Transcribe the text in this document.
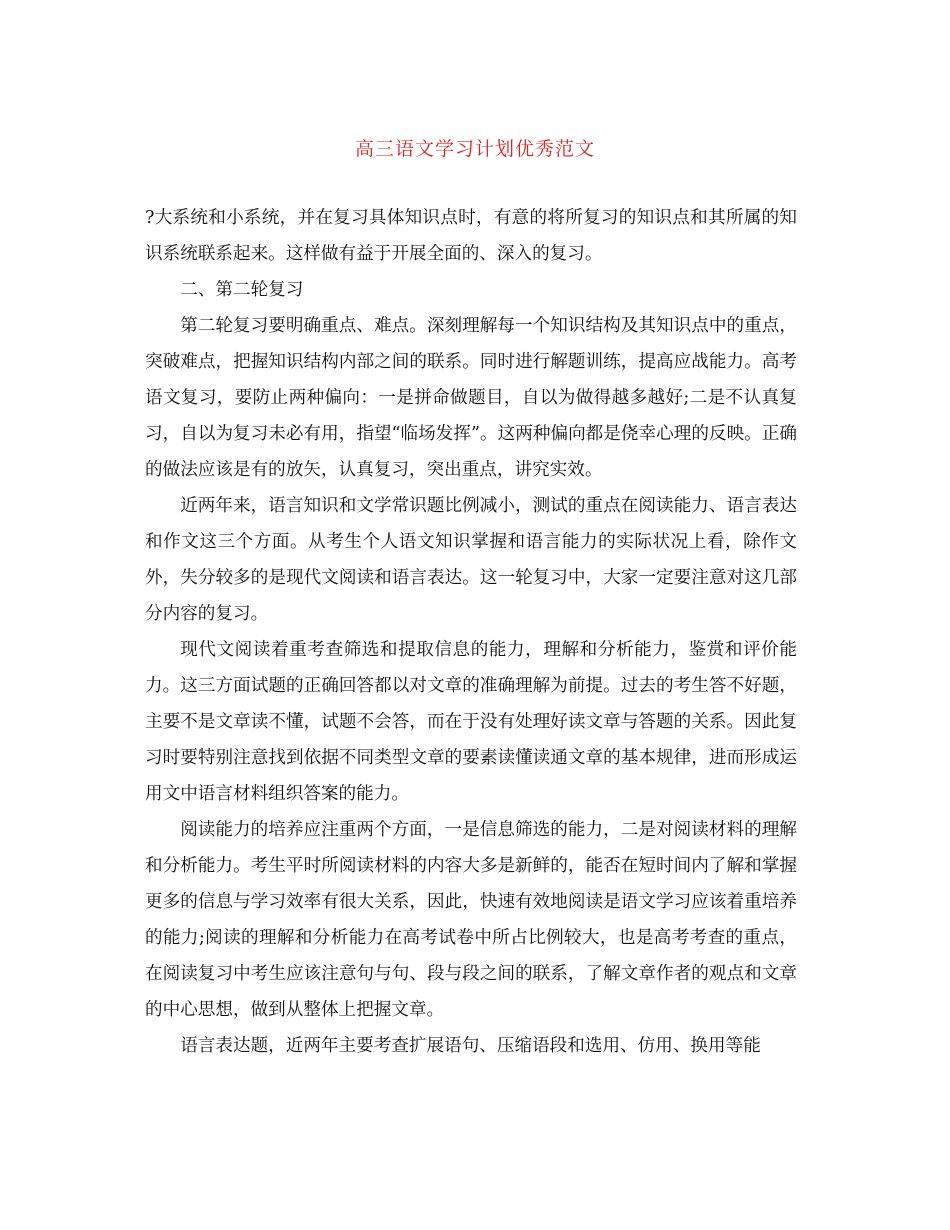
高三语文学习计划优秀范文

?大系统和小系统，并在复习具体知识点时，有意的将所复习的知识点和其所属的知识系统联系起来。这样做有益于开展全面的、深入的复习。

二、第二轮复习

第二轮复习要明确重点、难点。深刻理解每一个知识结构及其知识点中的重点，突破难点，把握知识结构内部之间的联系。同时进行解题训练，提高应战能力。高考语文复习，要防止两种偏向：一是拼命做题目，自以为做得越多越好;二是不认真复习，自以为复习未必有用，指望“临场发挥”。这两种偏向都是侥幸心理的反映。正确的做法应该是有的放矢，认真复习，突出重点，讲究实效。

近两年来，语言知识和文学常识题比例减小，测试的重点在阅读能力、语言表达和作文这三个方面。从考生个人语文知识掌握和语言能力的实际状况上看，除作文外，失分较多的是现代文阅读和语言表达。这一轮复习中，大家一定要注意对这几部分内容的复习。

现代文阅读着重考查筛选和提取信息的能力，理解和分析能力，鉴赏和评价能力。这三方面试题的正确回答都以对文章的准确理解为前提。过去的考生答不好题，主要不是文章读不懂，试题不会答，而在于没有处理好读文章与答题的关系。因此复习时要特别注意找到依据不同类型文章的要素读懂读通文章的基本规律，进而形成运用文中语言材料组织答案的能力。

阅读能力的培养应注重两个方面，一是信息筛选的能力，二是对阅读材料的理解和分析能力。考生平时所阅读材料的内容大多是新鲜的，能否在短时间内了解和掌握更多的信息与学习效率有很大关系，因此，快速有效地阅读是语文学习应该着重培养的能力;阅读的理解和分析能力在高考试卷中所占比例较大，也是高考考查的重点，在阅读复习中考生应该注意句与句、段与段之间的联系，了解文章作者的观点和文章的中心思想，做到从整体上把握文章。

语言表达题，近两年主要考查扩展语句、压缩语段和选用、仿用、换用等能
